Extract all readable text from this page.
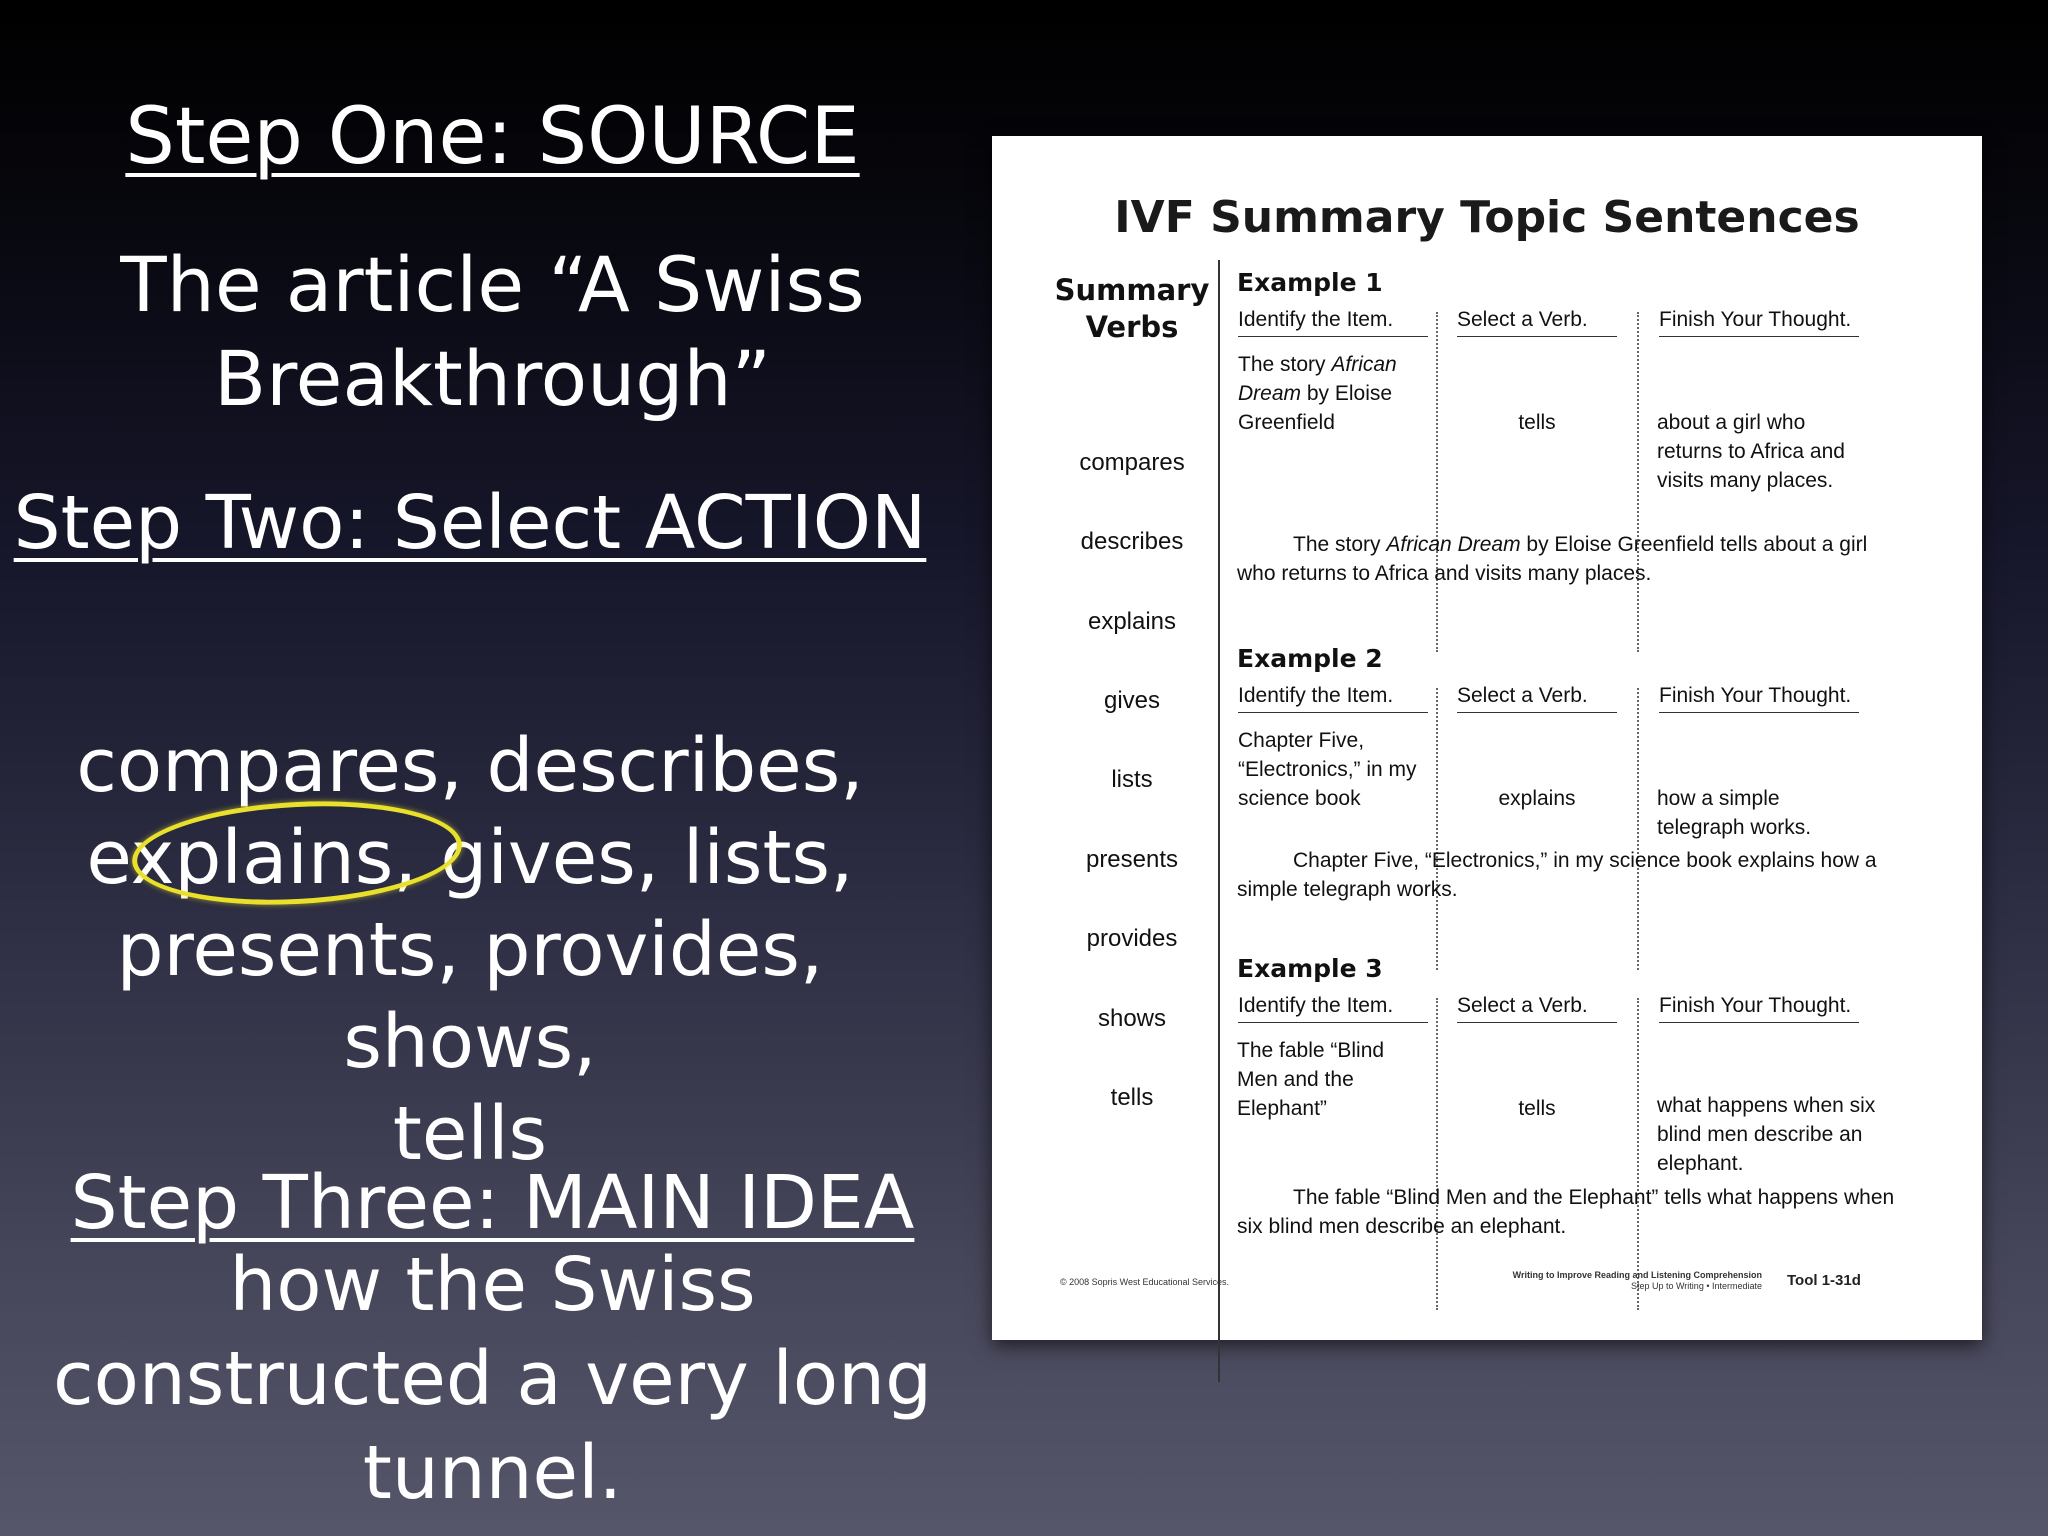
Step One: SOURCE
The article “A Swiss Breakthrough”
Step Two: Select ACTION
compares, describes,
explains, gives, lists,
presents, provides, shows,
tells
Step Three: MAIN IDEA
how the Swiss constructed a very long tunnel.
IVF Summary Topic Sentences
Summary
Verbs
compares
describes
explains
gives
lists
presents
provides
shows
tells
Example 1
Identify the Item.	Select a Verb.	Finish Your Thought.
The story African Dream by Eloise Greenfield	tells	about a girl who returns to Africa and visits many places.
The story African Dream by Eloise Greenfield tells about a girl who returns to Africa and visits many places.
Example 2
Identify the Item.	Select a Verb.	Finish Your Thought.
Chapter Five, “Electronics,” in my science book	explains	how a simple telegraph works.
Chapter Five, “Electronics,” in my science book explains how a simple telegraph works.
Example 3
Identify the Item.	Select a Verb.	Finish Your Thought.
The fable “Blind Men and the Elephant”	tells	what happens when six blind men describe an elephant.
The fable “Blind Men and the Elephant” tells what happens when six blind men describe an elephant.
© 2008 Sopris West Educational Services.
Writing to Improve Reading and Listening Comprehension
Step Up to Writing • Intermediate Tool 1-31d
